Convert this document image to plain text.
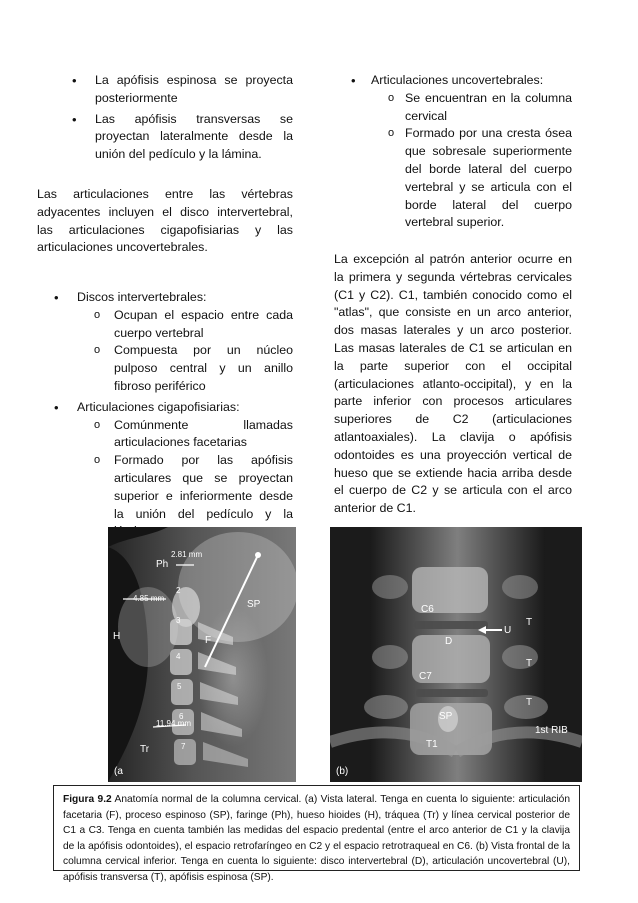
• La apófisis espinosa se proyecta posteriormente
• Las apófisis transversas se proyectan lateralmente desde la unión del pedículo y la lámina.

Las articulaciones entre las vértebras adyacentes incluyen el disco intervertebral, las articulaciones cigapofisiarias y las articulaciones uncovertebrales.

• Discos intervertebrales:
o Ocupan el espacio entre cada cuerpo vertebral
o Compuesta por un núcleo pulposo central y un anillo fibroso periférico
• Articulaciones cigapofisiarias:
o Comúnmente llamadas articulaciones facetarias
o Formado por las apófisis articulares que se proyectan superior e inferiormente desde la unión del pedículo y la
• Articulaciones uncovertebrales:
o Se encuentran en la columna cervical
o Formado por una cresta ósea que sobresale superiormente del borde lateral del cuerpo vertebral y se articula con el borde lateral del cuerpo vertebral superior.

La excepción al patrón anterior ocurre en la primera y segunda vértebras cervicales (C1 y C2). C1, también conocido como el "atlas", que consiste en un arco anterior, dos masas laterales y un arco posterior. Las masas laterales de C1 se articulan en la parte superior con el occipital (articulaciones atlanto-occipital), y en la parte inferior con procesos articulares superiores de C2 (articulaciones atlantoaxiales). La clavija o apófisis odontoides es una proyección vertical de hueso que se extiende hacia arriba desde el cuerpo de C2 y se articula con el arco anterior de C1.

Ph
H
Tr
SP
F
2.81 mm
4.85 mm
11.94 mm
2
3
4
5
6
7
(a
C6
D
U
C7
SP
T1
T
T
T
1st RIB
(b)
Figura 9.2 Anatomía normal de la columna cervical. (a) Vista lateral. Tenga en cuenta lo siguiente: articulación facetaria (F), proceso espinoso (SP), faringe (Ph), hueso hioides (H), tráquea (Tr) y línea cervical posterior de C1 a C3. Tenga en cuenta también las medidas del espacio predental (entre el arco anterior de C1 y la clavija de la apófisis odontoides), el espacio retrofaríngeo en C2 y el espacio retrotraqueal en C6. (b) Vista frontal de la columna cervical inferior. Tenga en cuenta lo siguiente: disco intervertebral (D), articulación uncovertebral (U), apófisis transversa (T), apófisis espinosa (SP).
